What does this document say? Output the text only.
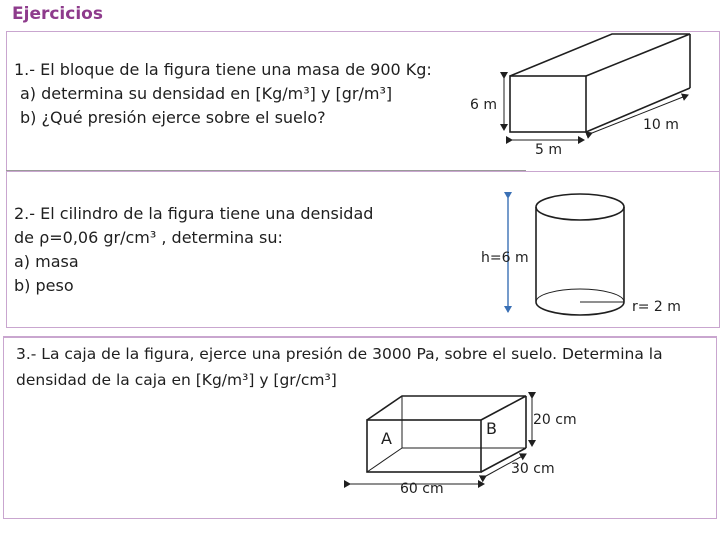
Ejercicios
1.- El bloque de la figura tiene una masa de 900 Kg:
a) determina su densidad en [Kg/m³] y [gr/m³]
b) ¿Qué presión ejerce sobre el suelo?
2.- El cilindro de la figura tiene una densidad
de ρ=0,06 gr/cm³ , determina su:
a) masa
b) peso
3.- La caja de la figura, ejerce una presión de 3000 Pa, sobre el suelo. Determina la
densidad de la caja en [Kg/m³] y [gr/cm³]
6 m
10 m
5 m
h=6 m
r= 2 m
A
B	20 cm
30 cm
60 cm
